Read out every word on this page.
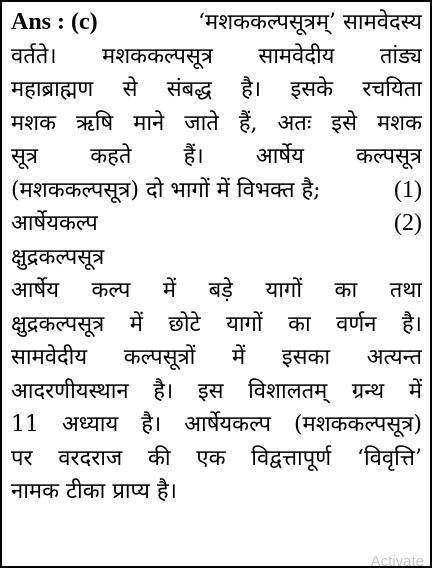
Ans : (c)	‘मशककल्पसूत्रम्’ सामवेदस्य
वर्तते। मशककल्पसूत्र सामवेदीय तांड्य
महाब्राह्मण से संबद्ध है। इसके रचयिता
मशक ऋषि माने जाते हैं, अतः इसे मशक
सूत्र कहते हैं। आर्षेय कल्पसूत्र
(मशककल्पसूत्र) दो भागों में विभक्त है;	(1)
आर्षेयकल्प	(2)
क्षुद्रकल्पसूत्र
आर्षेय कल्प में बड़े यागों का तथा
क्षुद्रकल्पसूत्र में छोटे यागों का वर्णन है।
सामवेदीय कल्पसूत्रों में इसका अत्यन्त
आदरणीयस्थान है। इस विशालतम् ग्रन्थ में
11 अध्याय है। आर्षेयकल्प (मशककल्पसूत्र)
पर वरदराज की एक विद्वत्तापूर्ण ‘विवृत्ति’
नामक टीका प्राप्य है।
Activate
